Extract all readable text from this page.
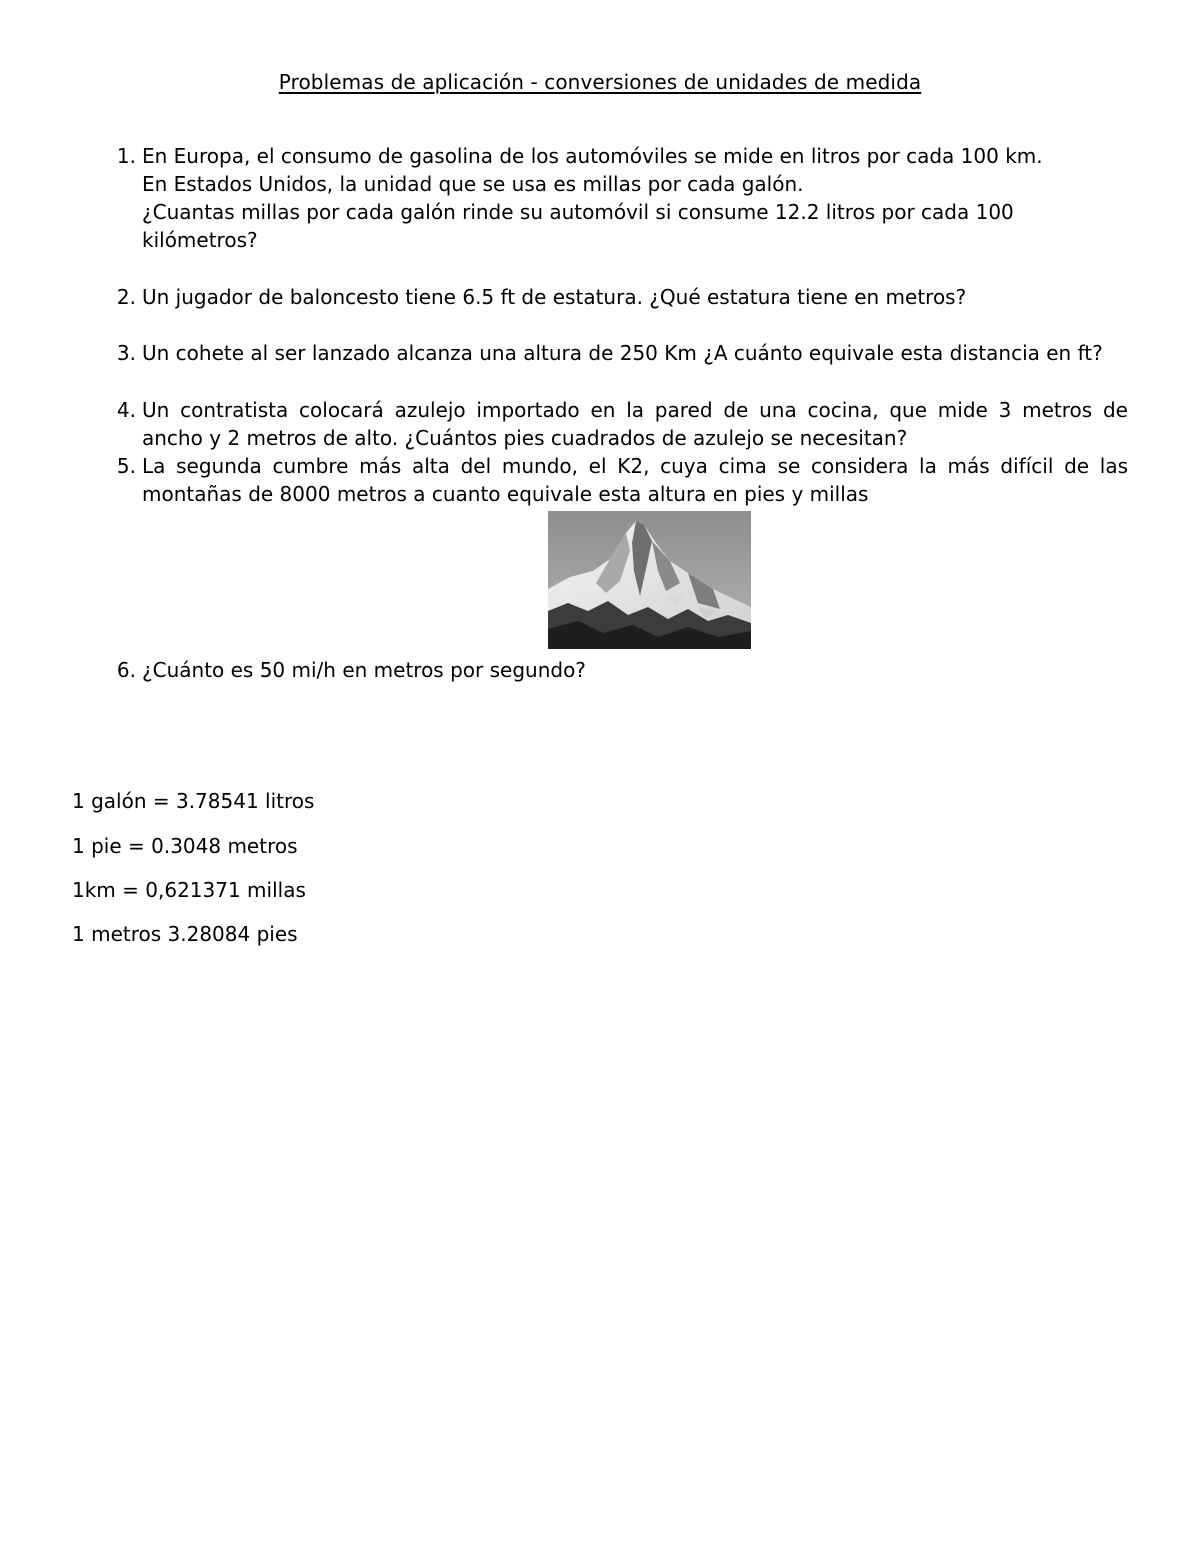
Problemas de aplicación - conversiones de unidades de medida
1. En Europa, el consumo de gasolina de los automóviles se mide en litros por cada 100 km.
En Estados Unidos, la unidad que se usa es millas por cada galón.
¿Cuantas millas por cada galón rinde su automóvil si consume 12.2 litros por cada 100
kilómetros?
2. Un jugador de baloncesto tiene 6.5 ft de estatura. ¿Qué estatura tiene en metros?
3. Un cohete al ser lanzado alcanza una altura de 250 Km ¿A cuánto equivale esta distancia en ft?
4. Un contratista colocará azulejo importado en la pared de una cocina, que mide 3 metros de ancho y 2 metros de alto. ¿Cuántos pies cuadrados de azulejo se necesitan?
5. La segunda cumbre más alta del mundo, el K2, cuya cima se considera la más difícil de las montañas de 8000 metros a cuanto equivale esta altura en pies y millas
6. ¿Cuánto es 50 mi/h en metros por segundo?
1 galón = 3.78541 litros
1 pie = 0.3048 metros
1km = 0,621371 millas
1 metros 3.28084 pies
